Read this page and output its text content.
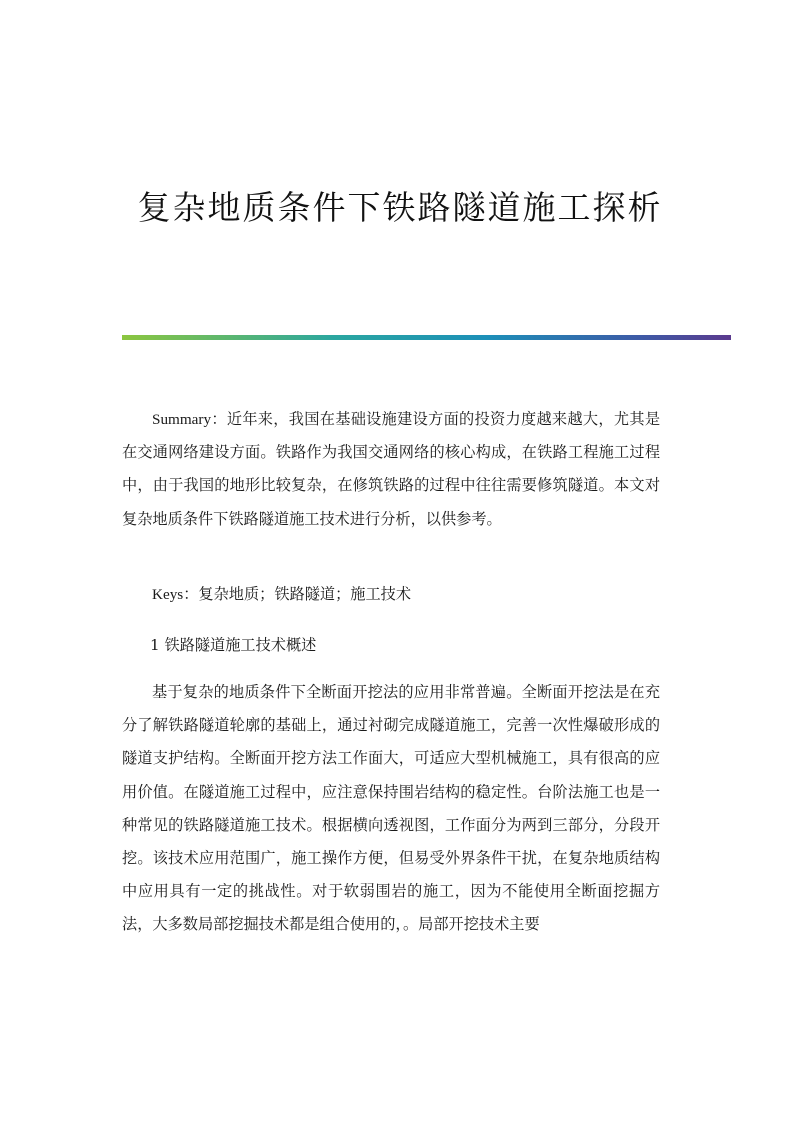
复杂地质条件下铁路隧道施工探析

Summary：近年来，我国在基础设施建设方面的投资力度越来越大，尤其是在交通网络建设方面。铁路作为我国交通网络的核心构成，在铁路工程施工过程中，由于我国的地形比较复杂，在修筑铁路的过程中往往需要修筑隧道。本文对复杂地质条件下铁路隧道施工技术进行分析，以供参考。

Keys：复杂地质；铁路隧道；施工技术

1 铁路隧道施工技术概述

基于复杂的地质条件下全断面开挖法的应用非常普遍。全断面开挖法是在充分了解铁路隧道轮廓的基础上，通过衬砌完成隧道施工，完善一次性爆破形成的隧道支护结构。全断面开挖方法工作面大，可适应大型机械施工，具有很高的应用价值。在隧道施工过程中，应注意保持围岩结构的稳定性。台阶法施工也是一种常见的铁路隧道施工技术。根据横向透视图，工作面分为两到三部分，分段开挖。该技术应用范围广，施工操作方便，但易受外界条件干扰，在复杂地质结构中应用具有一定的挑战性。对于软弱围岩的施工，因为不能使用全断面挖掘方法，大多数局部挖掘技术都是组合使用的，。局部开挖技术主要
